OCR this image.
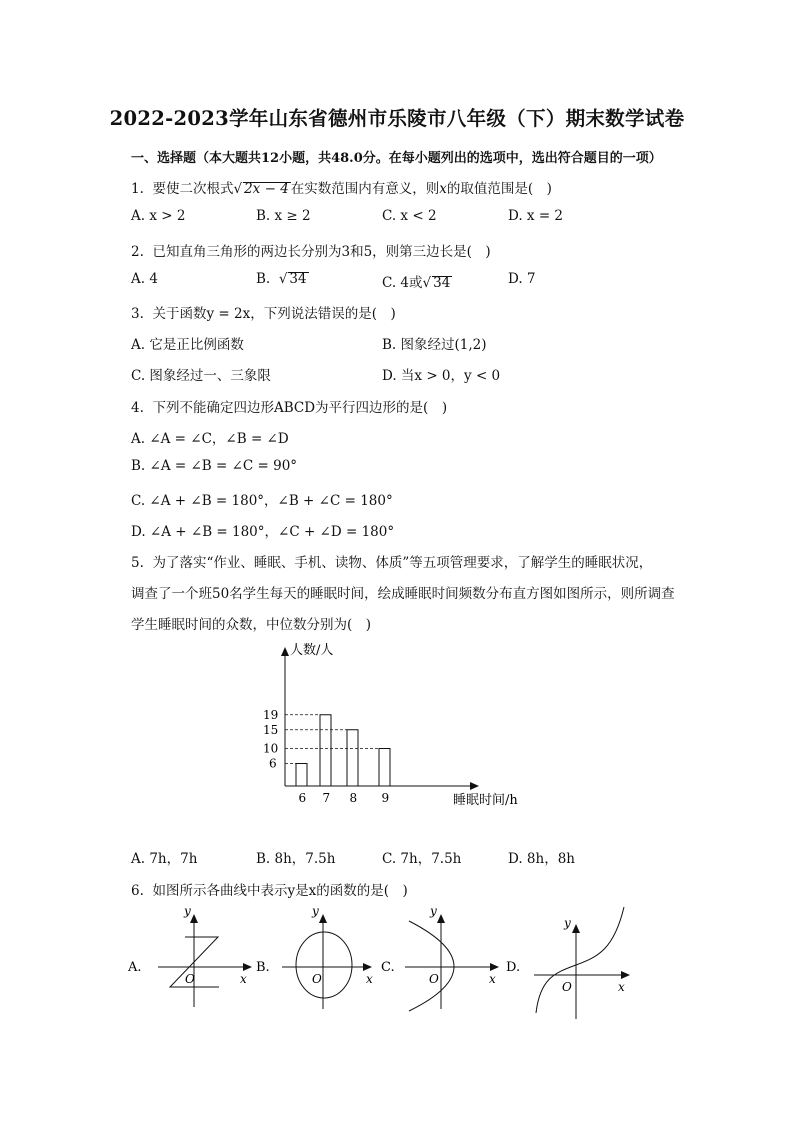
2022-2023学年山东省德州市乐陵市八年级（下）期末数学试卷
一、选择题（本大题共12小题，共48.0分。在每小题列出的选项中，选出符合题目的一项）
1. 要使二次根式√ 2x − 4 在实数范围内有意义，则x的取值范围是(　)
A. x > 2	B. x ≥ 2	C. x < 2	D. x = 2
2. 已知直角三角形的两边长分别为3和5，则第三边长是(　)
A. 4	B. √ 34	C. 4或√ 34	D. 7
3. 关于函数y = 2x，下列说法错误的是(　)
A. 它是正比例函数	B. 图象经过(1,2)
C. 图象经过一、三象限	D. 当x > 0，y < 0
4. 下列不能确定四边形ABCD为平行四边形的是(　)
A. ∠A = ∠C，∠B = ∠D
B. ∠A = ∠B = ∠C = 90°
C. ∠A + ∠B = 180°，∠B + ∠C = 180°
D. ∠A + ∠B = 180°，∠C + ∠D = 180°
5. 为了落实“作业、睡眠、手机、读物、体质”等五项管理要求，了解学生的睡眠状况，
调查了一个班50名学生每天的睡眠时间，绘成睡眠时间频数分布直方图如图所示，则所调查
学生睡眠时间的众数，中位数分别为(　)
人数/人
睡眠时间/h
6 7 8 9
6
10
15
19
A. 7h，7h	B. 8h，7.5h	C. 7h，7.5h	D. 8h，8h
6. 如图所示各曲线中表示y是x的函数的是(　)
A.
y
x
O
B.
y
x
O
C.
y
x
O
D.
y
x
O
